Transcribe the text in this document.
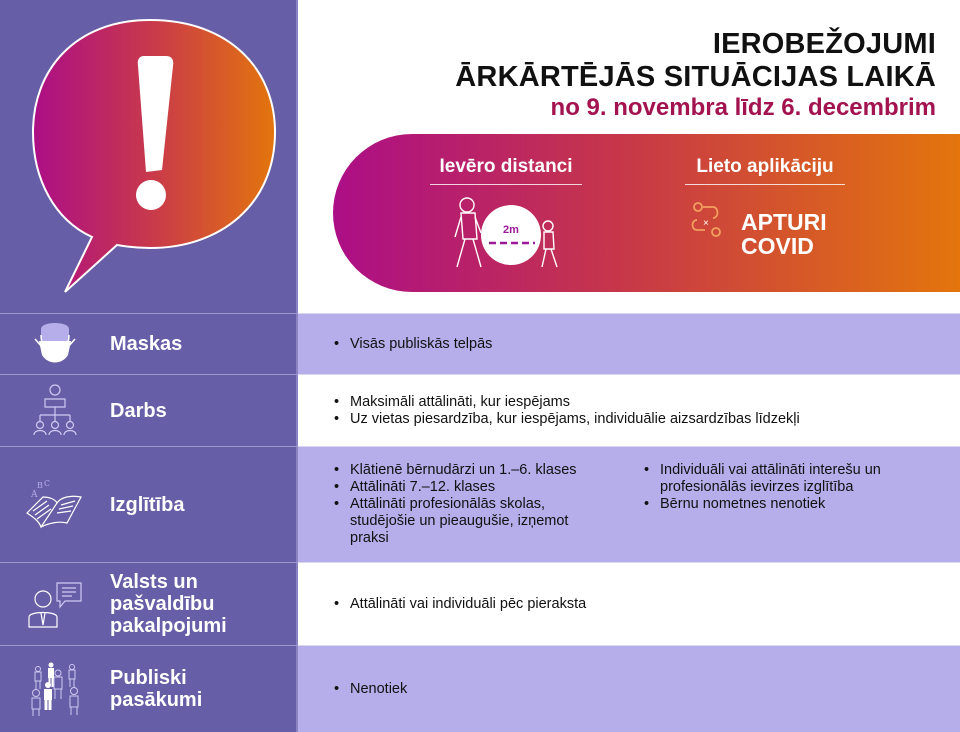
IEROBEŽOJUMI
ĀRKĀRTĒJĀS SITUĀCIJAS LAIKĀ
no 9. novembra līdz 6. decembrim
Ievēro distanci
2m
Lieto aplikāciju
× APTURI
COVID
Maskas	• Visās publiskās telpās
Darbs	• Maksimāli attālināti, kur iespējams
• Uz vietas piesardzība, kur iespējams, individuālie aizsardzības līdzekļi
A
B C
Izglītība
• Klātienē bērnudārzi un 1.–6. klases
• Attālināti 7.–12. klases
• Attālināti profesionālās skolas, studējošie un pieaugušie, izņemot praksi
• Individuāli vai attālināti interešu un profesionālās ievirzes izglītība
• Bērnu nometnes nenotiek
Valsts un
pašvaldību
pakalpojumi
• Attālināti vai individuāli pēc pieraksta
Publiski
pasākumi
• Nenotiek
